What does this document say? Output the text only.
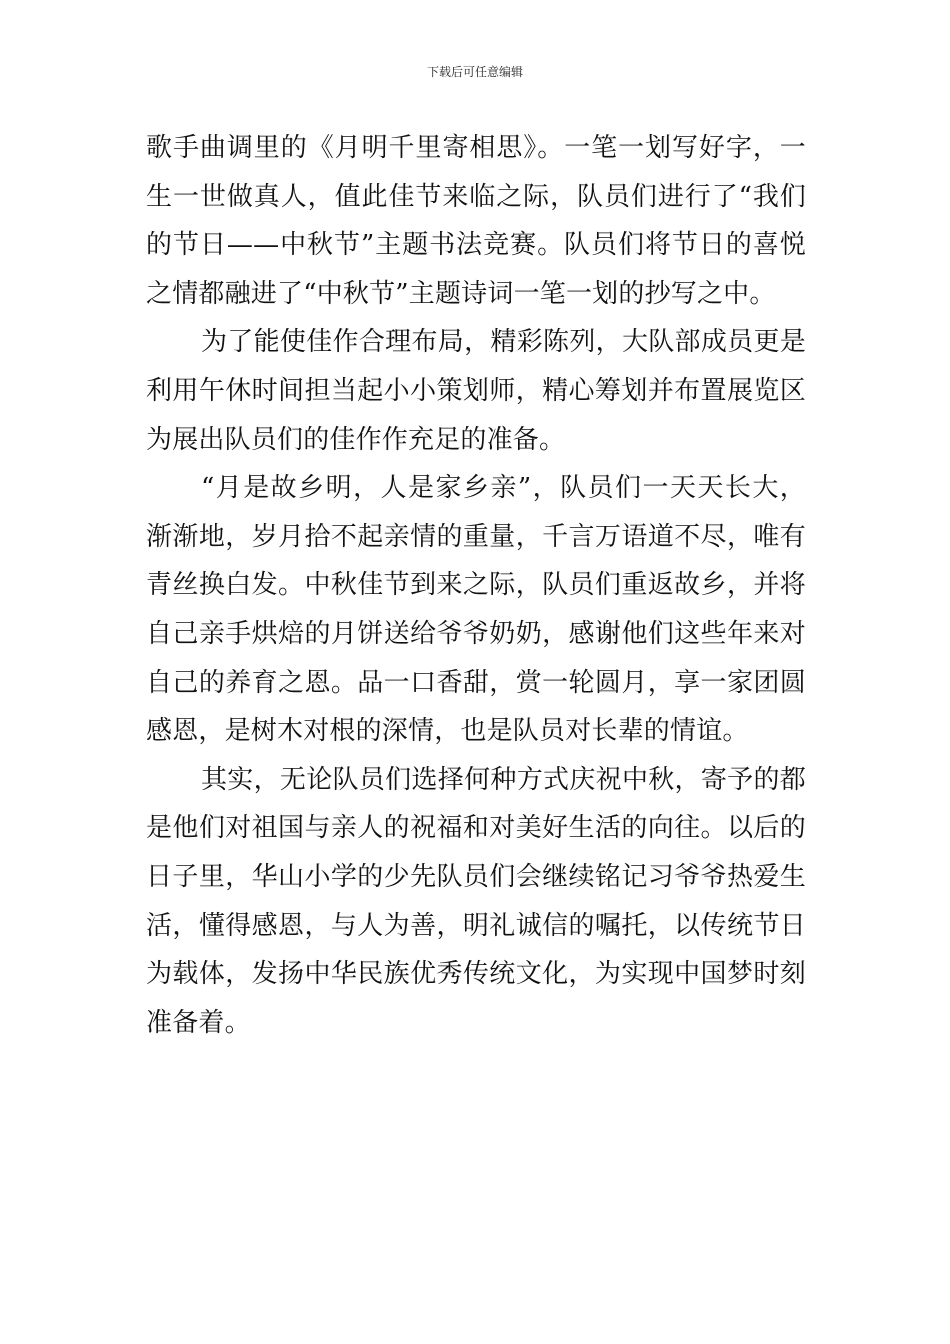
下载后可任意编辑

歌手曲调里的《月明千里寄相思》。一笔一划写好字，一
生一世做真人，值此佳节来临之际，队员们进行了“我们
的节日——中秋节”主题书法竞赛。队员们将节日的喜悦
之情都融进了“中秋节”主题诗词一笔一划的抄写之中。

为了能使佳作合理布局，精彩陈列，大队部成员更是
利用午休时间担当起小小策划师，精心筹划并布置展览区
为展出队员们的佳作作充足的准备。

“月是故乡明，人是家乡亲”，队员们一天天长大，
渐渐地，岁月拾不起亲情的重量，千言万语道不尽，唯有
青丝换白发。中秋佳节到来之际，队员们重返故乡，并将
自己亲手烘焙的月饼送给爷爷奶奶，感谢他们这些年来对
自己的养育之恩。品一口香甜，赏一轮圆月，享一家团圆
感恩，是树木对根的深情，也是队员对长辈的情谊。

其实，无论队员们选择何种方式庆祝中秋，寄予的都
是他们对祖国与亲人的祝福和对美好生活的向往。以后的
日子里，华山小学的少先队员们会继续铭记习爷爷热爱生
活，懂得感恩，与人为善，明礼诚信的嘱托，以传统节日
为载体，发扬中华民族优秀传统文化，为实现中国梦时刻
准备着。
